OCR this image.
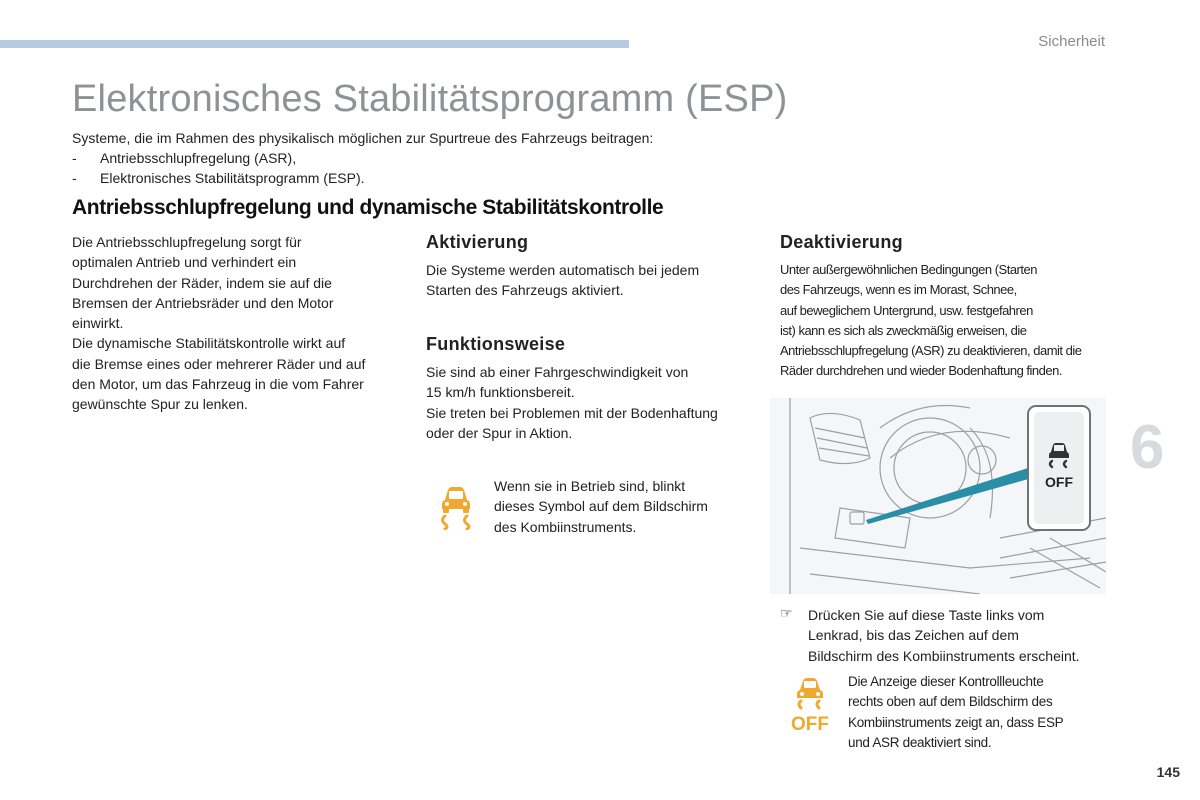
Sicherheit
Elektronisches Stabilitätsprogramm (ESP)
Systeme, die im Rahmen des physikalisch möglichen zur Spurtreue des Fahrzeugs beitragen:
-	Antriebsschlupfregelung (ASR),
-	Elektronisches Stabilitätsprogramm (ESP).
Antriebsschlupfregelung und dynamische Stabilitätskontrolle
Die Antriebsschlupfregelung sorgt für
optimalen Antrieb und verhindert ein
Durchdrehen der Räder, indem sie auf die
Bremsen der Antriebsräder und den Motor
einwirkt.
Die dynamische Stabilitätskontrolle wirkt auf
die Bremse eines oder mehrerer Räder und auf
den Motor, um das Fahrzeug in die vom Fahrer
gewünschte Spur zu lenken.
Aktivierung
Die Systeme werden automatisch bei jedem
Starten des Fahrzeugs aktiviert.
Funktionsweise
Sie sind ab einer Fahrgeschwindigkeit von
15 km/h funktionsbereit.
Sie treten bei Problemen mit der Bodenhaftung
oder der Spur in Aktion.
Wenn sie in Betrieb sind, blinkt
dieses Symbol auf dem Bildschirm
des Kombiinstruments.
Deaktivierung
Unter außergewöhnlichen Bedingungen (Starten
des Fahrzeugs, wenn es im Morast, Schnee,
auf beweglichem Untergrund, usw. festgefahren
ist) kann es sich als zweckmäßig erweisen, die
Antriebsschlupfregelung (ASR) zu deaktivieren, damit die
Räder durchdrehen und wieder Bodenhaftung finden.
OFF
☞	Drücken Sie auf diese Taste links vom
Lenkrad, bis das Zeichen auf dem
Bildschirm des Kombiinstruments erscheint.
OFF
Die Anzeige dieser Kontrollleuchte
rechts oben auf dem Bildschirm des
Kombiinstruments zeigt an, dass ESP
und ASR deaktiviert sind.
6
145
